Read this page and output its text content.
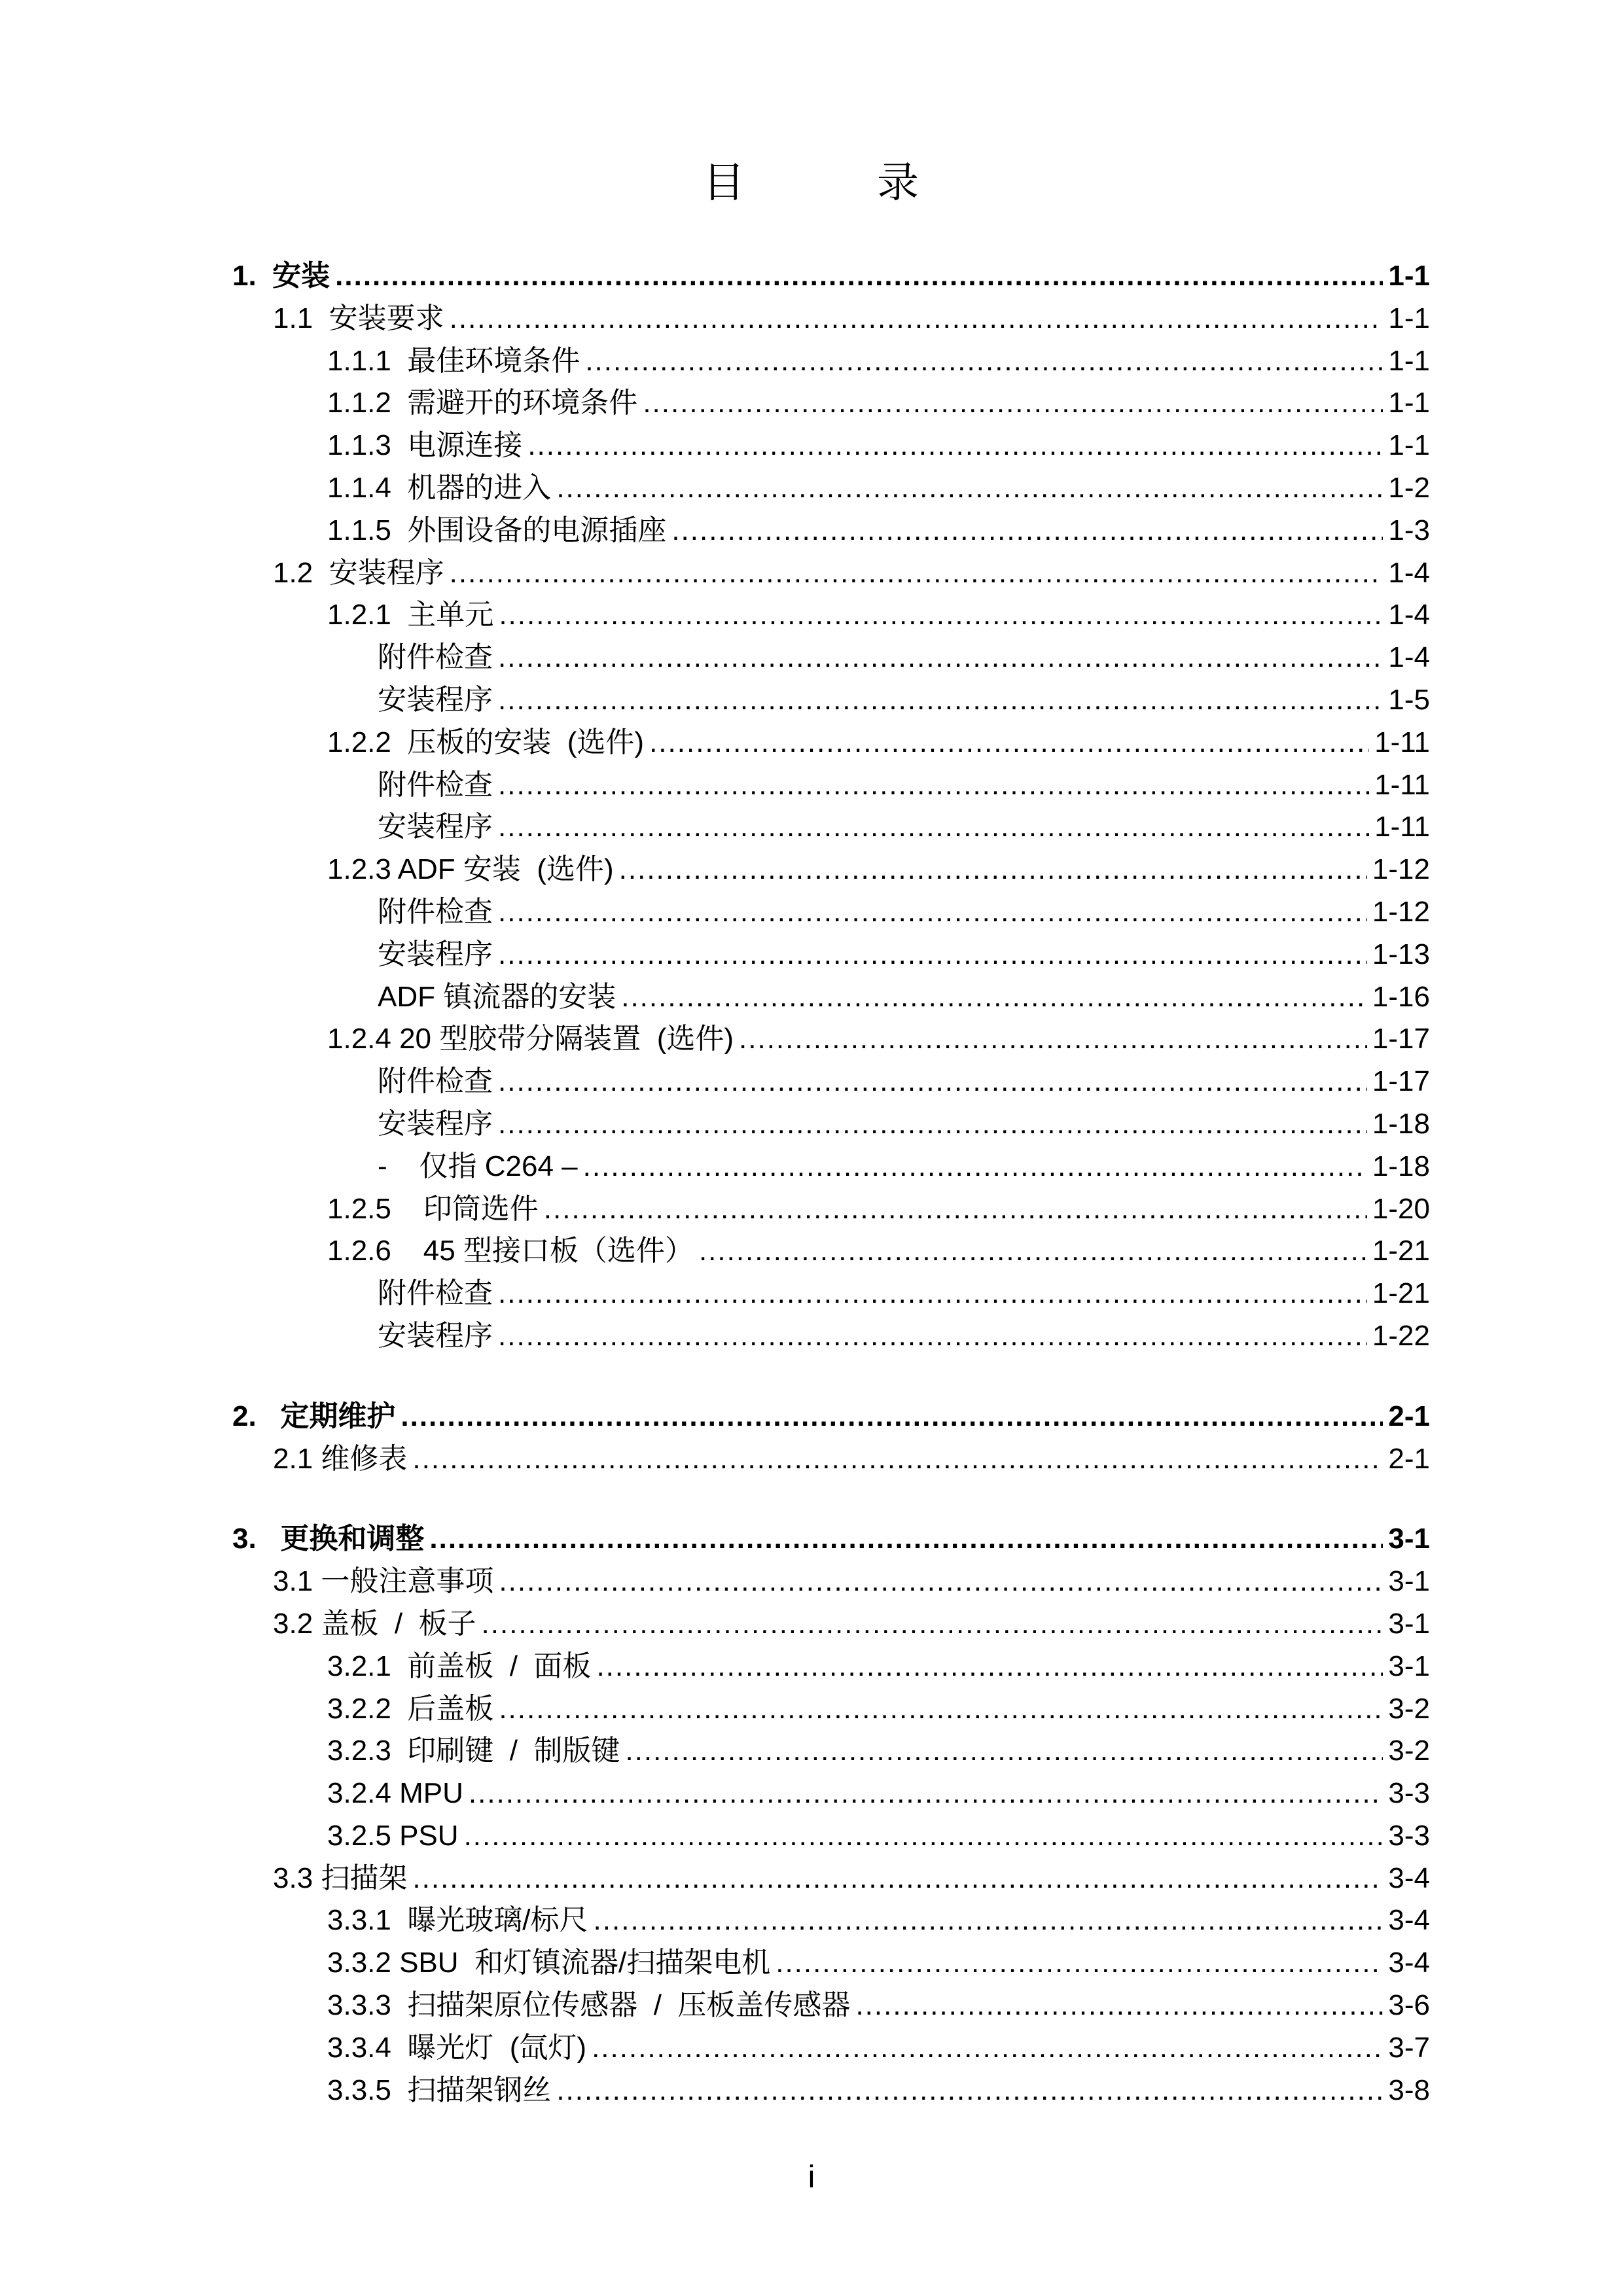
目	录
1.  安装 .....	1-1
1.1  安装要求 .....	1-1
1.1.1  最佳环境条件 .....	1-1
1.1.2  需避开的环境条件 .....	1-1
1.1.3  电源连接 .....	1-1
1.1.4  机器的进入 .....	1-2
1.1.5  外围设备的电源插座 .....	1-3
1.2  安装程序 .....	1-4
1.2.1  主单元 .....	1-4
附件检查 .....	1-4
安装程序 .....	1-5
1.2.2  压板的安装  (选件) .....	1-11
附件检查 .....	1-11
安装程序 .....	1-11
1.2.3 ADF 安装  (选件) .....	1-12
附件检查 .....	1-12
安装程序 .....	1-13
ADF 镇流器的安装 .....	1-16
1.2.4 20 型胶带分隔装置  (选件) .....	1-17
附件检查 .....	1-17
安装程序 .....	1-18
-    仅指 C264 – .....	1-18
1.2.5    印筒选件 .....	1-20
1.2.6    45 型接口板（选件） .....	1-21
附件检查 .....	1-21
安装程序 .....	1-22
2.   定期维护 .....	2-1
2.1 维修表 .....	2-1
3.   更换和调整 .....	3-1
3.1 一般注意事项 .....	3-1
3.2 盖板  /  板子 .....	3-1
3.2.1  前盖板  /  面板 .....	3-1
3.2.2  后盖板 .....	3-2
3.2.3  印刷键  /  制版键 .....	3-2
3.2.4 MPU .....	3-3
3.2.5 PSU .....	3-3
3.3 扫描架 .....	3-4
3.3.1  曝光玻璃/标尺 .....	3-4
3.3.2 SBU  和灯镇流器/扫描架电机 .....	3-4
3.3.3  扫描架原位传感器  /  压板盖传感器 .....	3-6
3.3.4  曝光灯  (氙灯) .....	3-7
3.3.5  扫描架钢丝 .....	3-8
i
